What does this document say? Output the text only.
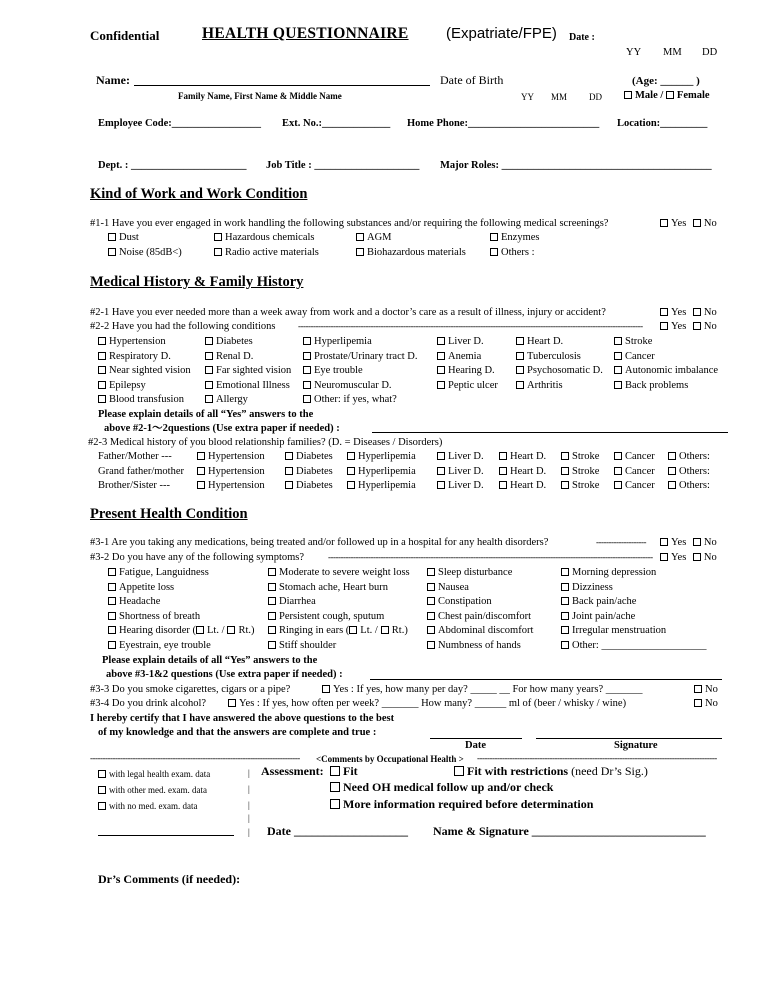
Confidential	HEALTH QUESTIONNAIRE (Expatriate/FPE) Date :
YY MM DD
Name:
Family Name, First Name & Middle Name
Date of Birth
YY MM DD
(Age: ______ )
Male / Female
Employee Code:_________________ Ext. No.:_____________ Home Phone:_________________________ Location:_________
Dept. : ______________________ Job Title : ____________________ Major Roles: ________________________________________
Kind of Work and Work Condition
#1-1 Have you ever engaged in work handling the following substances and/or requiring the following medical screenings?	Yes No
Dust	Hazardous chemicals	AGM	Enzymes
Noise (85dB<)	Radio active materials	Biohazardous materials	Others :
Medical History & Family History
#2-1 Have you ever needed more than a week away from work and a doctor’s care as a result of illness, injury or accident?	Yes No
#2-2 Have you had the following conditions	------------------------------------------------------------------------------------------------------------------------------------------	Yes No
Hypertension	Diabetes	Hyperlipemia	Liver D.	Heart D.	Stroke
Respiratory D.	Renal D.	Prostate/Urinary tract D.	Anemia	Tuberculosis	Cancer
Near sighted vision	Far sighted vision	Eye trouble	Hearing D.	Psychosomatic D.	Autonomic imbalance
Epilepsy	Emotional Illness	Neuromuscular D.	Peptic ulcer	Arthritis	Back problems
Blood transfusion	Allergy	Other: if yes, what?
Please explain details of all “Yes” answers to the
above #2-1～2questions (Use extra paper if needed) :
#2-3 Medical history of you blood relationship families? (D. = Diseases / Disorders)
Father/Mother ---	Hypertension	Diabetes	Hyperlipemia	Liver D.	Heart D.	Stroke	Cancer	Others:
Grand father/mother	Hypertension	Diabetes	Hyperlipemia	Liver D.	Heart D.	Stroke	Cancer	Others:
Brother/Sister ---	Hypertension	Diabetes	Hyperlipemia	Liver D.	Heart D.	Stroke	Cancer	Others:
Present Health Condition
#3-1 Are you taking any medications, being treated and/or followed up in a hospital for any health disorders?	--------------------	Yes No
#3-2 Do you have any of the following symptoms?	----------------------------------------------------------------------------------------------------------------------------------	Yes No
Fatigue, Languidness	Moderate to severe weight loss	Sleep disturbance	Morning depression
Appetite loss	Stomach ache, Heart burn	Nausea	Dizziness
Headache	Diarrhea	Constipation	Back pain/ache
Shortness of breath	Persistent cough, sputum	Chest pain/discomfort	Joint pain/ache
Hearing disorder ( Lt. / Rt.)	Ringing in ears ( Lt. / Rt.)	Abdominal discomfort	Irregular menstruation
Eyestrain, eye trouble	Stiff shoulder	Numbness of hands	Other: ____________________
Please explain details of all “Yes” answers to the
above #3-1&2 questions (Use extra paper if needed) :
#3-3 Do you smoke cigarettes, cigars or a pipe?	Yes : If yes, how many per day? _____ __ For how many years? _______	No
#3-4 Do you drink alcohol?	Yes : If yes, how often per week? _______ How many? ______ ml of (beer / whisky / wine)	No
I hereby certify that I have answered the above questions to the best
of my knowledge and that the answers are complete and true :
Date	Signature
------------------------------------------------------------------------------------	<Comments by Occupational Health > ------------------------------------------------------------------------------------------------
with legal health exam. data
with other med. exam. data
with no med. exam. data
|
|
|
|
|
Assessment:	Fit	Fit with restrictions (need Dr’s Sig.)
Need OH medical follow up and/or check
More information required before determination
Date ___________________ Name & Signature _____________________________
Dr’s Comments (if needed):
